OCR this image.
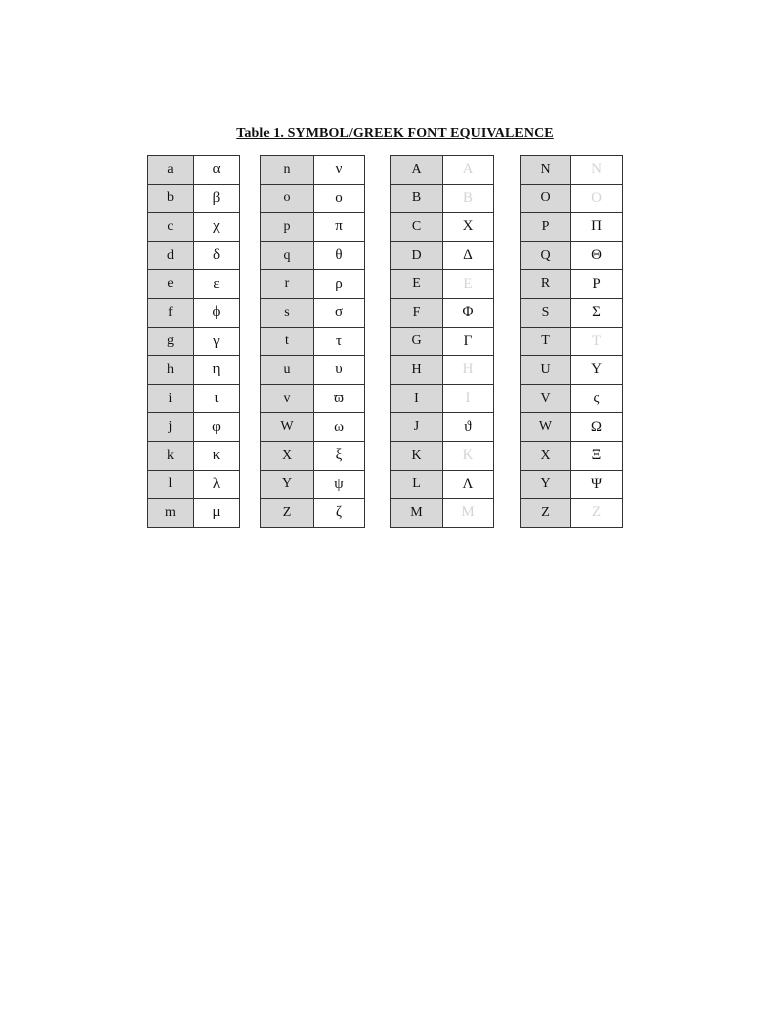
Table 1. SYMBOL/GREEK FONT EQUIVALENCE
a	α
b	β
c	χ
d	δ
e	ε
f	ϕ
g	γ
h	η
i	ι
j	φ
k	κ
l	λ
m	μ
n	ν
o	ο
p	π
q	θ
r	ρ
s	σ
t	τ
u	υ
v	ϖ
W	ω
X	ξ
Y	ψ
Z	ζ
A	A
B	B
C	Χ
D	Δ
E	E
F	Φ
G	Γ
H	H
I	I
J	ϑ
K	K
L	Λ
M	M
N	N
O	O
P	Π
Q	Θ
R	Ρ
S	Σ
T	T
U	Υ
V	ς
W	Ω
X	Ξ
Y	Ψ
Z	Z
